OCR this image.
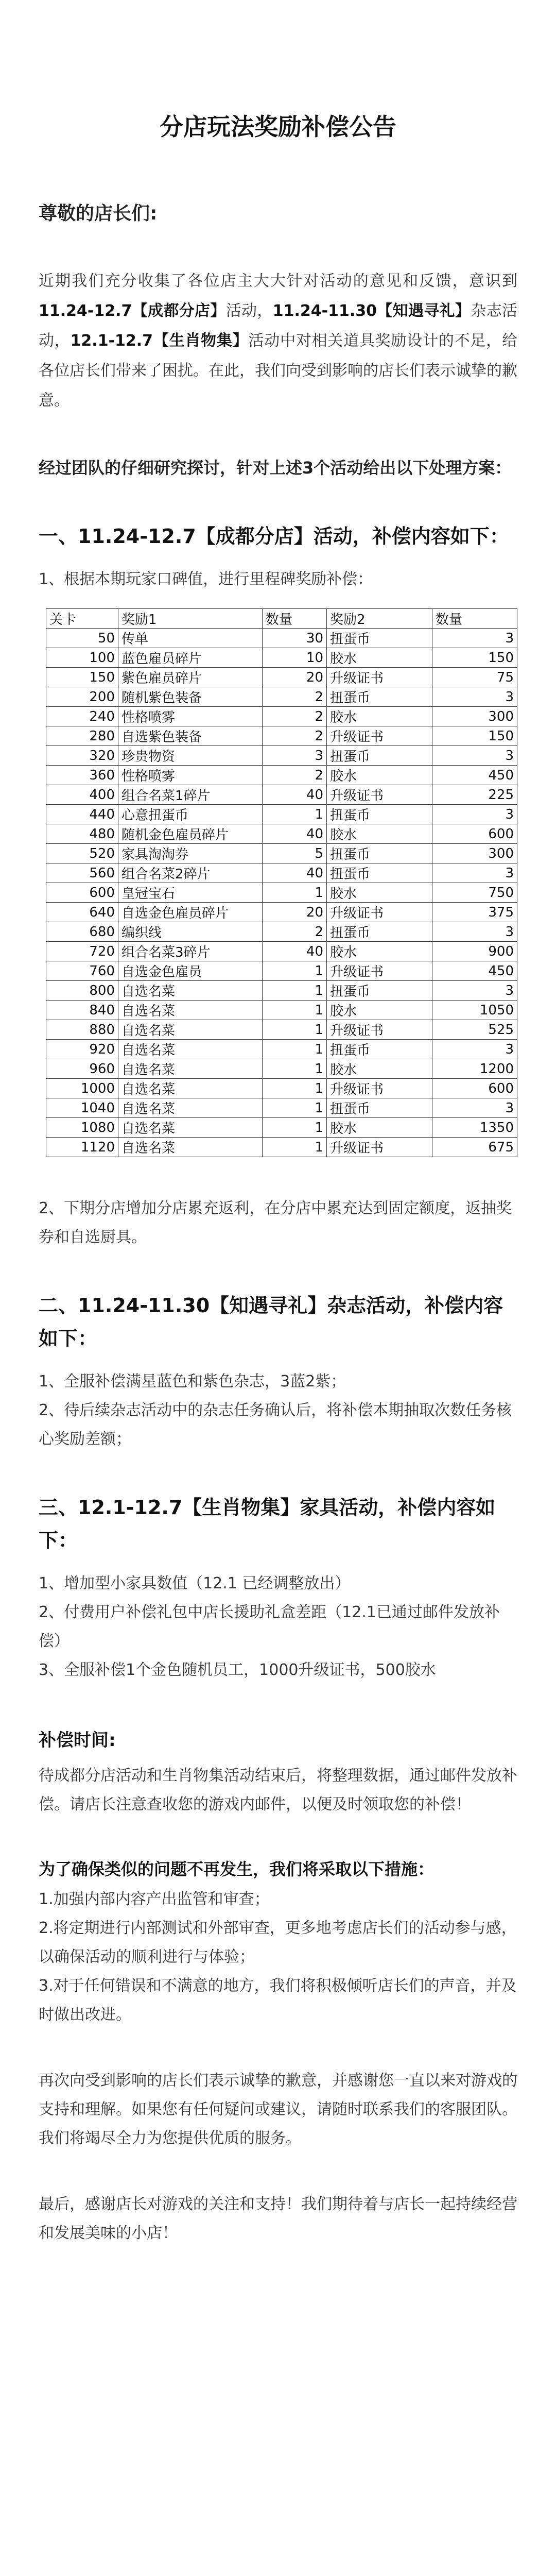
分店玩法奖励补偿公告
尊敬的店长们:

近期我们充分收集了各位店主大大针对活动的意见和反馈，意识到11.24-12.7【成都分店】活动，11.24-11.30【知遇寻礼】杂志活动，12.1-12.7【生肖物集】活动中对相关道具奖励设计的不足，给各位店长们带来了困扰。在此，我们向受到影响的店长们表示诚挚的歉意。

经过团队的仔细研究探讨，针对上述3个活动给出以下处理方案：
一、11.24-12.7【成都分店】活动，补偿内容如下：

1、根据本期玩家口碑值，进行里程碑奖励补偿：

关卡	奖励1	数量	奖励2	数量
50	传单	30	扭蛋币	3
100	蓝色雇员碎片	10	胶水	150
150	紫色雇员碎片	20	升级证书	75
200	随机紫色装备	2	扭蛋币	3
240	性格喷雾	2	胶水	300
280	自选紫色装备	2	升级证书	150
320	珍贵物资	3	扭蛋币	3
360	性格喷雾	2	胶水	450
400	组合名菜1碎片	40	升级证书	225
440	心意扭蛋币	1	扭蛋币	3
480	随机金色雇员碎片	40	胶水	600
520	家具淘淘券	5	扭蛋币	300
560	组合名菜2碎片	40	扭蛋币	3
600	皇冠宝石	1	胶水	750
640	自选金色雇员碎片	20	升级证书	375
680	编织线	2	扭蛋币	3
720	组合名菜3碎片	40	胶水	900
760	自选金色雇员	1	升级证书	450
800	自选名菜	1	扭蛋币	3
840	自选名菜	1	胶水	1050
880	自选名菜	1	升级证书	525
920	自选名菜	1	扭蛋币	3
960	自选名菜	1	胶水	1200
1000	自选名菜	1	升级证书	600
1040	自选名菜	1	扭蛋币	3
1080	自选名菜	1	胶水	1350
1120	自选名菜	1	升级证书	675

2、下期分店增加分店累充返利，在分店中累充达到固定额度，返抽奖券和自选厨具。

二、11.24-11.30【知遇寻礼】杂志活动，补偿内容如下：

1、全服补偿满星蓝色和紫色杂志，3蓝2紫；

2、待后续杂志活动中的杂志任务确认后，将补偿本期抽取次数任务核心奖励差额；

三、12.1-12.7【生肖物集】家具活动，补偿内容如下：

1、增加型小家具数值（12.1 已经调整放出）

2、付费用户补偿礼包中店长援助礼盒差距（12.1已通过邮件发放补偿）

3、全服补偿1个金色随机员工，1000升级证书，500胶水

补偿时间:

待成都分店活动和生肖物集活动结束后，将整理数据，通过邮件发放补偿。请店长注意查收您的游戏内邮件，以便及时领取您的补偿！

为了确保类似的问题不再发生，我们将采取以下措施：

1.加强内部内容产出监管和审查；

2.将定期进行内部测试和外部审查，更多地考虑店长们的活动参与感，以确保活动的顺利进行与体验；

3.对于任何错误和不满意的地方，我们将积极倾听店长们的声音，并及时做出改进。

再次向受到影响的店长们表示诚挚的歉意，并感谢您一直以来对游戏的支持和理解。如果您有任何疑问或建议，请随时联系我们的客服团队。我们将竭尽全力为您提供优质的服务。

最后，感谢店长对游戏的关注和支持！我们期待着与店长一起持续经营和发展美味的小店！
